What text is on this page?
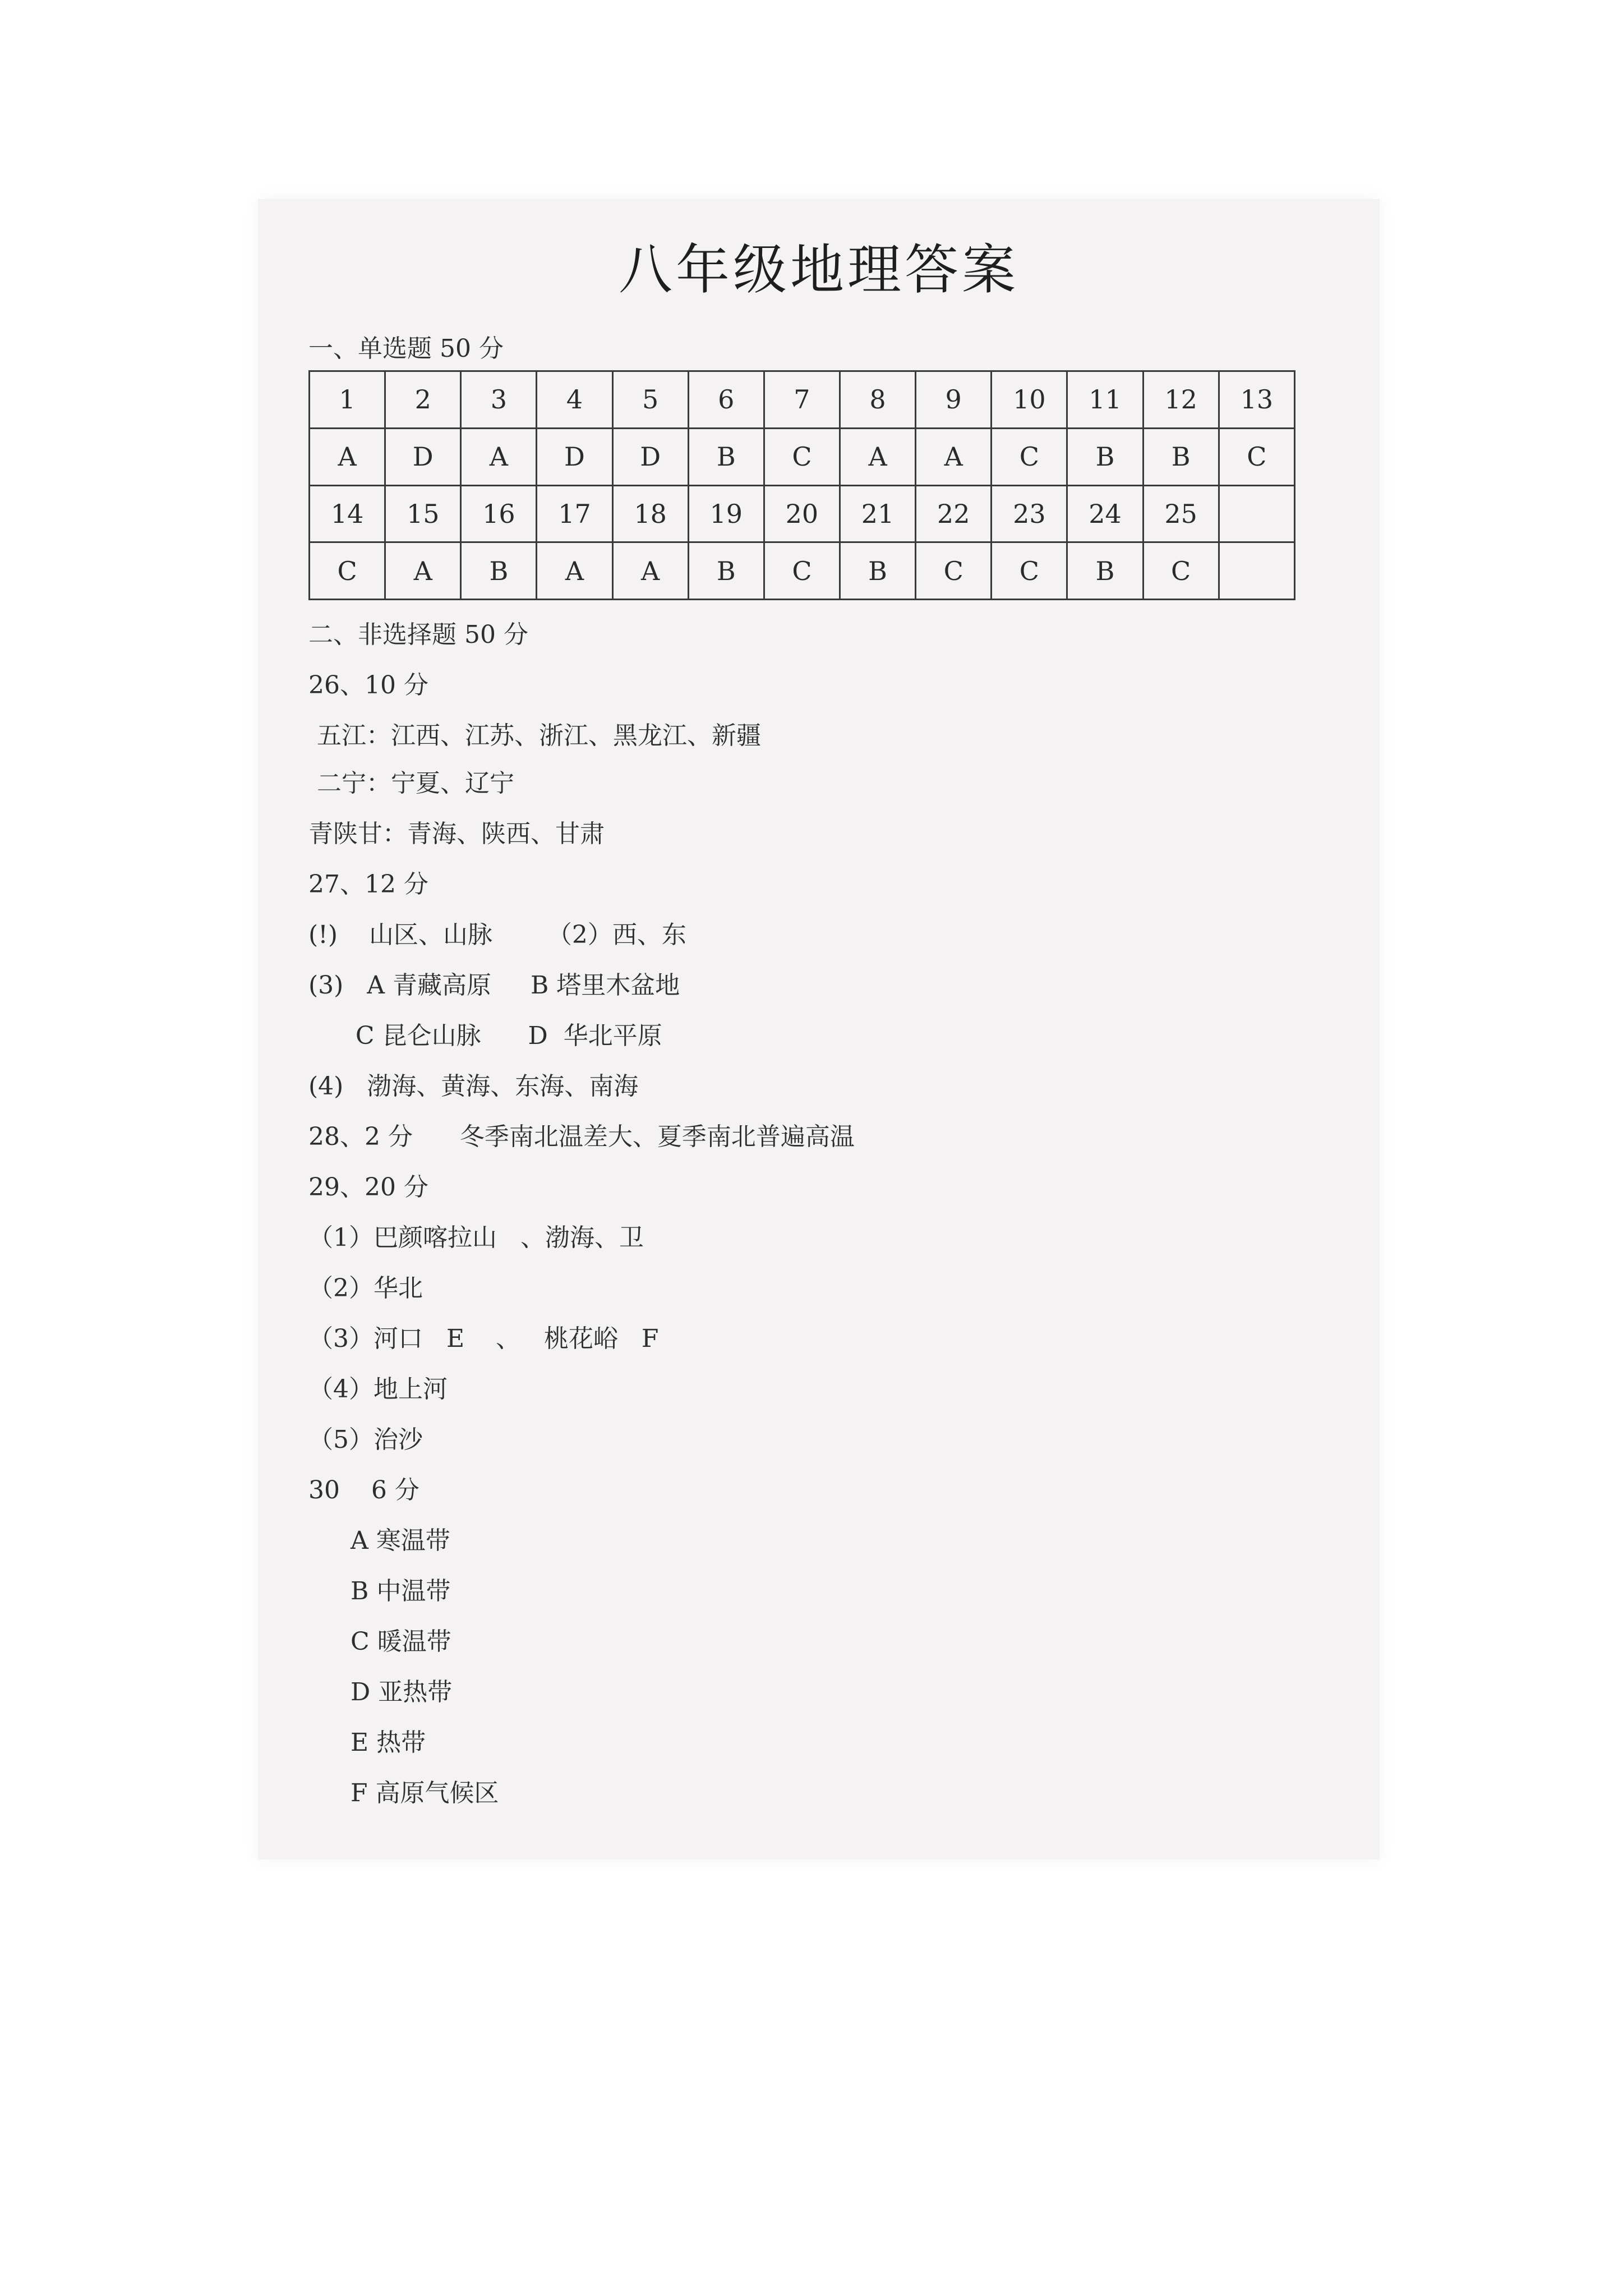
八年级地理答案
一、单选题 50 分
1	2	3	4	5	6	7	8	9	10	11	12	13
A	D	A	D	D	B	C	A	A	C	B	B	C
14	15	16	17	18	19	20	21	22	23	24	25	
C	A	B	A	A	B	C	B	C	C	B	C	
二、非选择题 50 分
26、10 分
五江：江西、江苏、浙江、黑龙江、新疆
二宁：宁夏、辽宁
青陕甘：青海、陕西、甘肃
27、12 分
(!)    山区、山脉       （2）西、东
(3)   A 青藏高原     B 塔里木盆地
C 昆仑山脉      D  华北平原
(4)   渤海、黄海、东海、南海
28、2 分      冬季南北温差大、夏季南北普遍高温
29、20 分
（1）巴颜喀拉山   、渤海、卫
（2）华北
（3）河口   E    、   桃花峪   F
（4）地上河
（5）治沙
30    6 分
A 寒温带
B 中温带
C 暖温带
D 亚热带
E 热带
F 高原气候区
